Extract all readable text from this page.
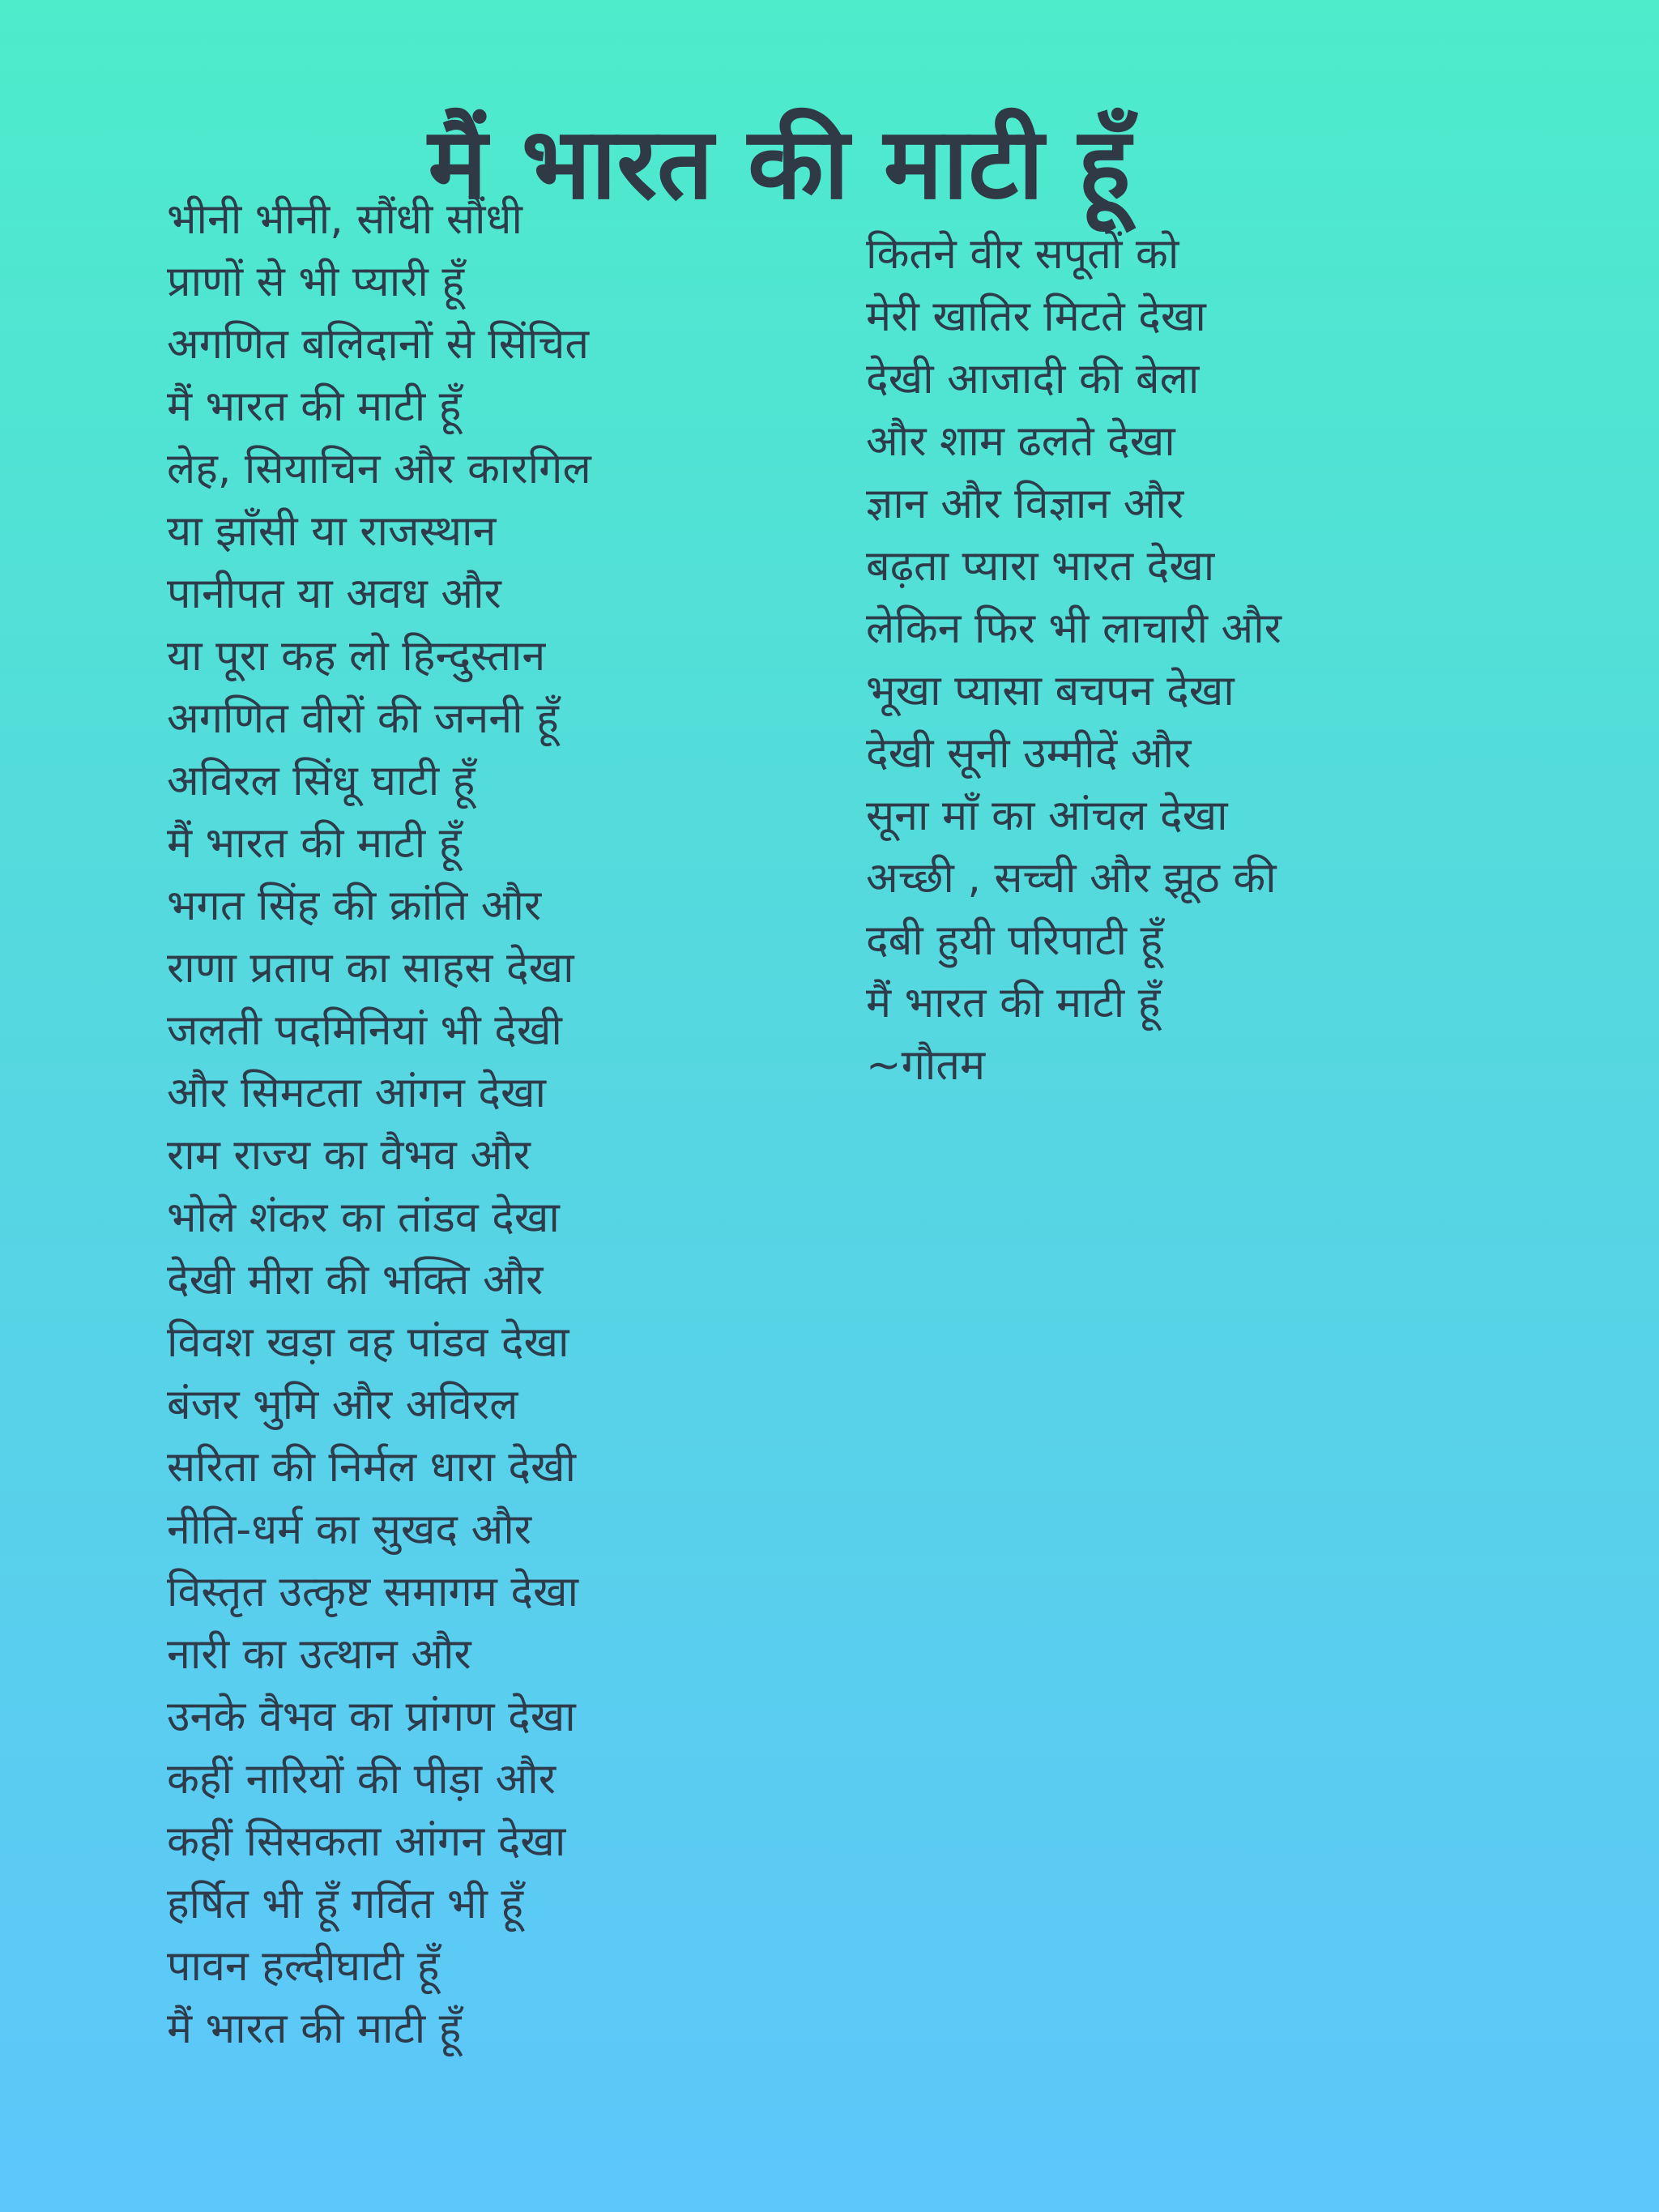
मैं भारत की माटी हूँ
भीनी भीनी, सौंधी सौंधी
प्राणों से भी प्यारी हूँ
अगणित बलिदानों से सिंचित
मैं भारत की माटी हूँ
लेह, सियाचिन और कारगिल
या झाँसी या राजस्थान
पानीपत या अवध और
या पूरा कह लो हिन्दुस्तान
अगणित वीरों की जननी हूँ
अविरल सिंधू घाटी हूँ
मैं भारत की माटी हूँ
भगत सिंह की क्रांति और
राणा प्रताप का साहस देखा
जलती पदमिनियां भी देखी
और सिमटता आंगन देखा
राम राज्य का वैभव और
भोले शंकर का तांडव देखा
देखी मीरा की भक्ति और
विवश खड़ा वह पांडव देखा
बंजर भुमि और अविरल
सरिता की निर्मल धारा देखी
नीति-धर्म का सुखद और
विस्तृत उत्कृष्ट समागम देखा
नारी का उत्थान और
उनके वैभव का प्रांगण देखा
कहीं नारियों की पीड़ा और
कहीं सिसकता आंगन देखा
हर्षित भी हूँ गर्वित भी हूँ
पावन हल्दीघाटी हूँ
मैं भारत की माटी हूँ
कितने वीर सपूतों को
मेरी खातिर मिटते देखा
देखी आजादी की बेला
और शाम ढलते देखा
ज्ञान और विज्ञान और
बढ़ता प्यारा भारत देखा
लेकिन फिर भी लाचारी और
भूखा प्यासा बचपन देखा
देखी सूनी उम्मीदें और
सूना माँ का आंचल देखा
अच्छी , सच्ची और झूठ की
दबी हुयी परिपाटी हूँ
मैं भारत की माटी हूँ
~गौतम
